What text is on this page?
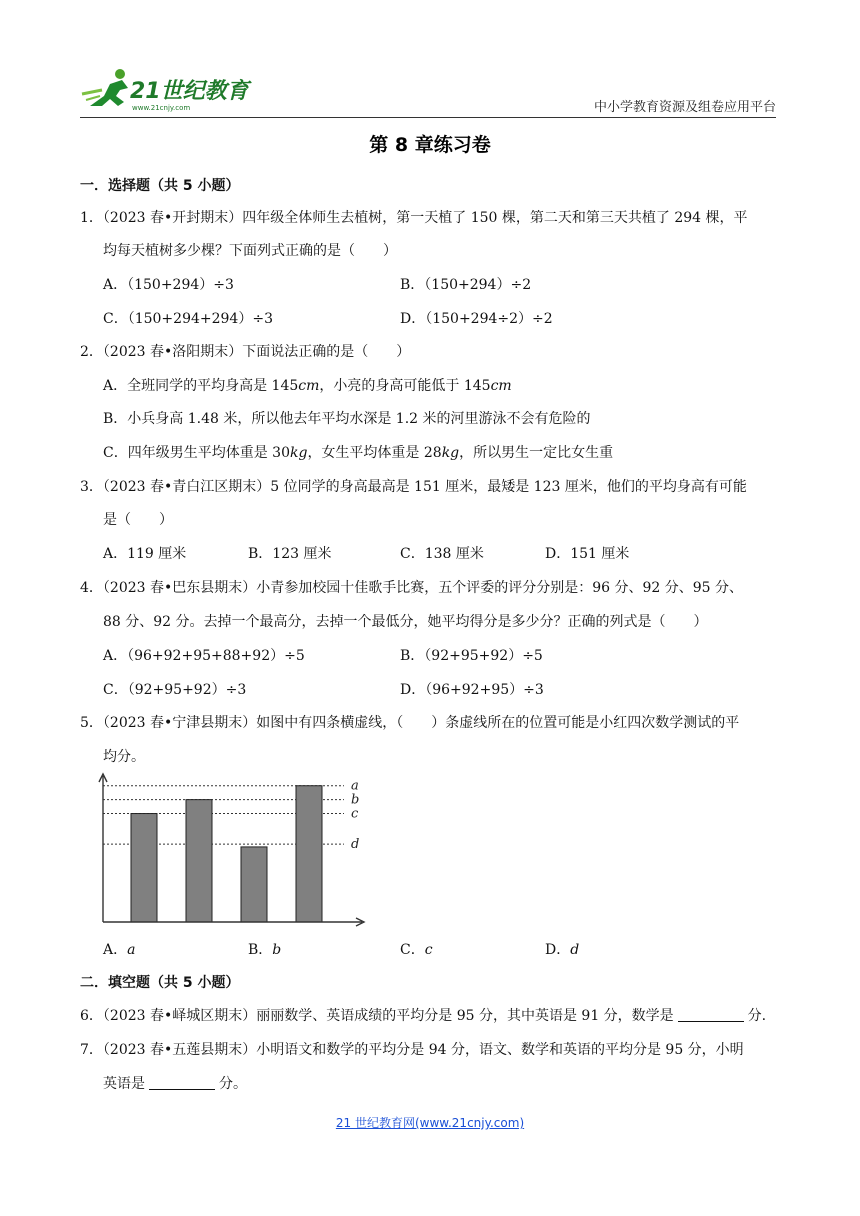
21世纪教育
www.21cnjy.com	中小学教育资源及组卷应用平台
第 8 章练习卷
一．选择题（共 5 小题）
1．（2023 春•开封期末）四年级全体师生去植树，第一天植了 150 棵，第二天和第三天共植了 294 棵，平
均每天植树多少棵？下面列式正确的是（　　）
A．（150+294）÷3	B．（150+294）÷2
C．（150+294+294）÷3	D．（150+294÷2）÷2
2．（2023 春•洛阳期末）下面说法正确的是（　　）
A．全班同学的平均身高是 145cm，小亮的身高可能低于 145cm
B．小兵身高 1.48 米，所以他去年平均水深是 1.2 米的河里游泳不会有危险的
C．四年级男生平均体重是 30kg，女生平均体重是 28kg，所以男生一定比女生重
3．（2023 春•青白江区期末）5 位同学的身高最高是 151 厘米，最矮是 123 厘米，他们的平均身高有可能
是（　　）
A．119 厘米	B．123 厘米	C．138 厘米	D．151 厘米
4．（2023 春•巴东县期末）小青参加校园十佳歌手比赛，五个评委的评分分别是：96 分、92 分、95 分、
88 分、92 分。去掉一个最高分，去掉一个最低分，她平均得分是多少分？正确的列式是（　　）
A．（96+92+95+88+92）÷5	B．（92+95+92）÷5
C．（92+95+92）÷3	D．（96+92+95）÷3
5．（2023 春•宁津县期末）如图中有四条横虚线，（　　）条虚线所在的位置可能是小红四次数学测试的平
均分。
a
b
c
d
A．a	B．b	C．c	D．d
二．填空题（共 5 小题）
6．（2023 春•峄城区期末）丽丽数学、英语成绩的平均分是 95 分，其中英语是 91 分，数学是	分.
7．（2023 春•五莲县期末）小明语文和数学的平均分是 94 分，语文、数学和英语的平均分是 95 分，小明
英语是	分。
21 世纪教育网(www.21cnjy.com)
